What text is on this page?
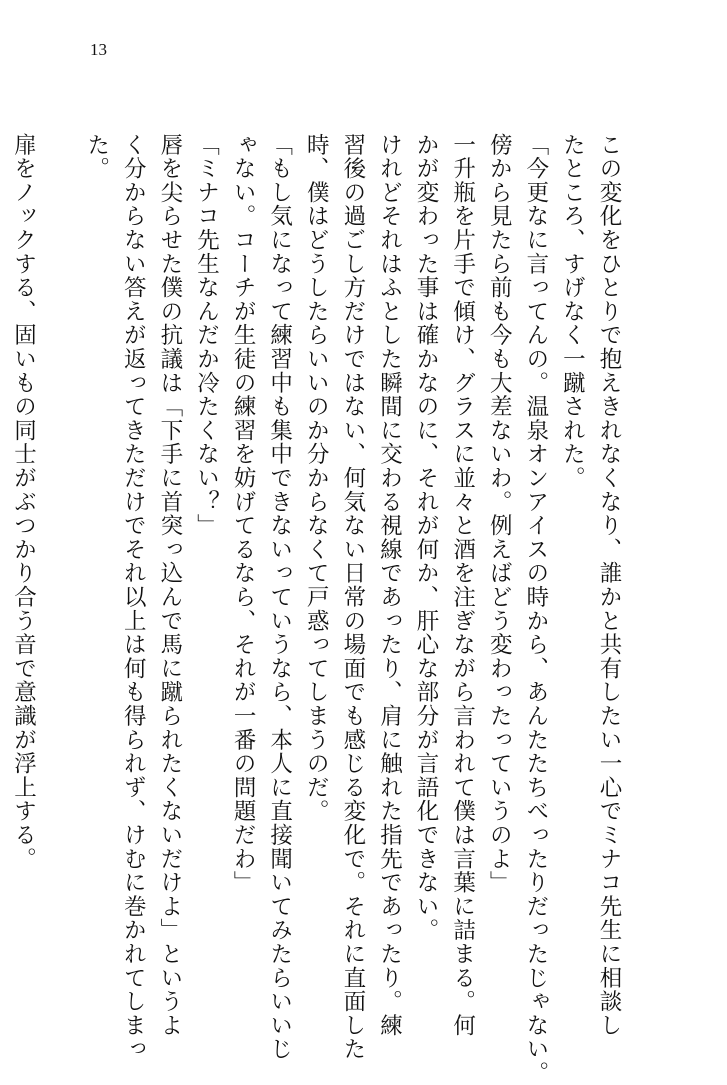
13
この変化をひとりで抱えきれなくなり、誰かと共有したい一心でミナコ先生に相談し
たところ、すげなく一蹴された。
「今更なに言ってんの。温泉オンアイスの時から、あんたたちべったりだったじゃない。
傍から見たら前も今も大差ないわ。例えばどう変わったっていうのよ」
一升瓶を片手で傾け、グラスに並々と酒を注ぎながら言われて僕は言葉に詰まる。何
かが変わった事は確かなのに、それが何か、肝心な部分が言語化できない。
けれどそれはふとした瞬間に交わる視線であったり、肩に触れた指先であったり。練
習後の過ごし方だけではない、何気ない日常の場面でも感じる変化で。それに直面した
時、僕はどうしたらいいのか分からなくて戸惑ってしまうのだ。
「もし気になって練習中も集中できないっていうなら、本人に直接聞いてみたらいいじ
ゃない。コーチが生徒の練習を妨げてるなら、それが一番の問題だわ」
「ミナコ先生なんだか冷たくない？」
唇を尖らせた僕の抗議は「下手に首突っ込んで馬に蹴られたくないだけよ」というよ
く分からない答えが返ってきただけでそれ以上は何も得られず、けむに巻かれてしまっ
た。
扉をノックする、固いもの同士がぶつかり合う音で意識が浮上する。
